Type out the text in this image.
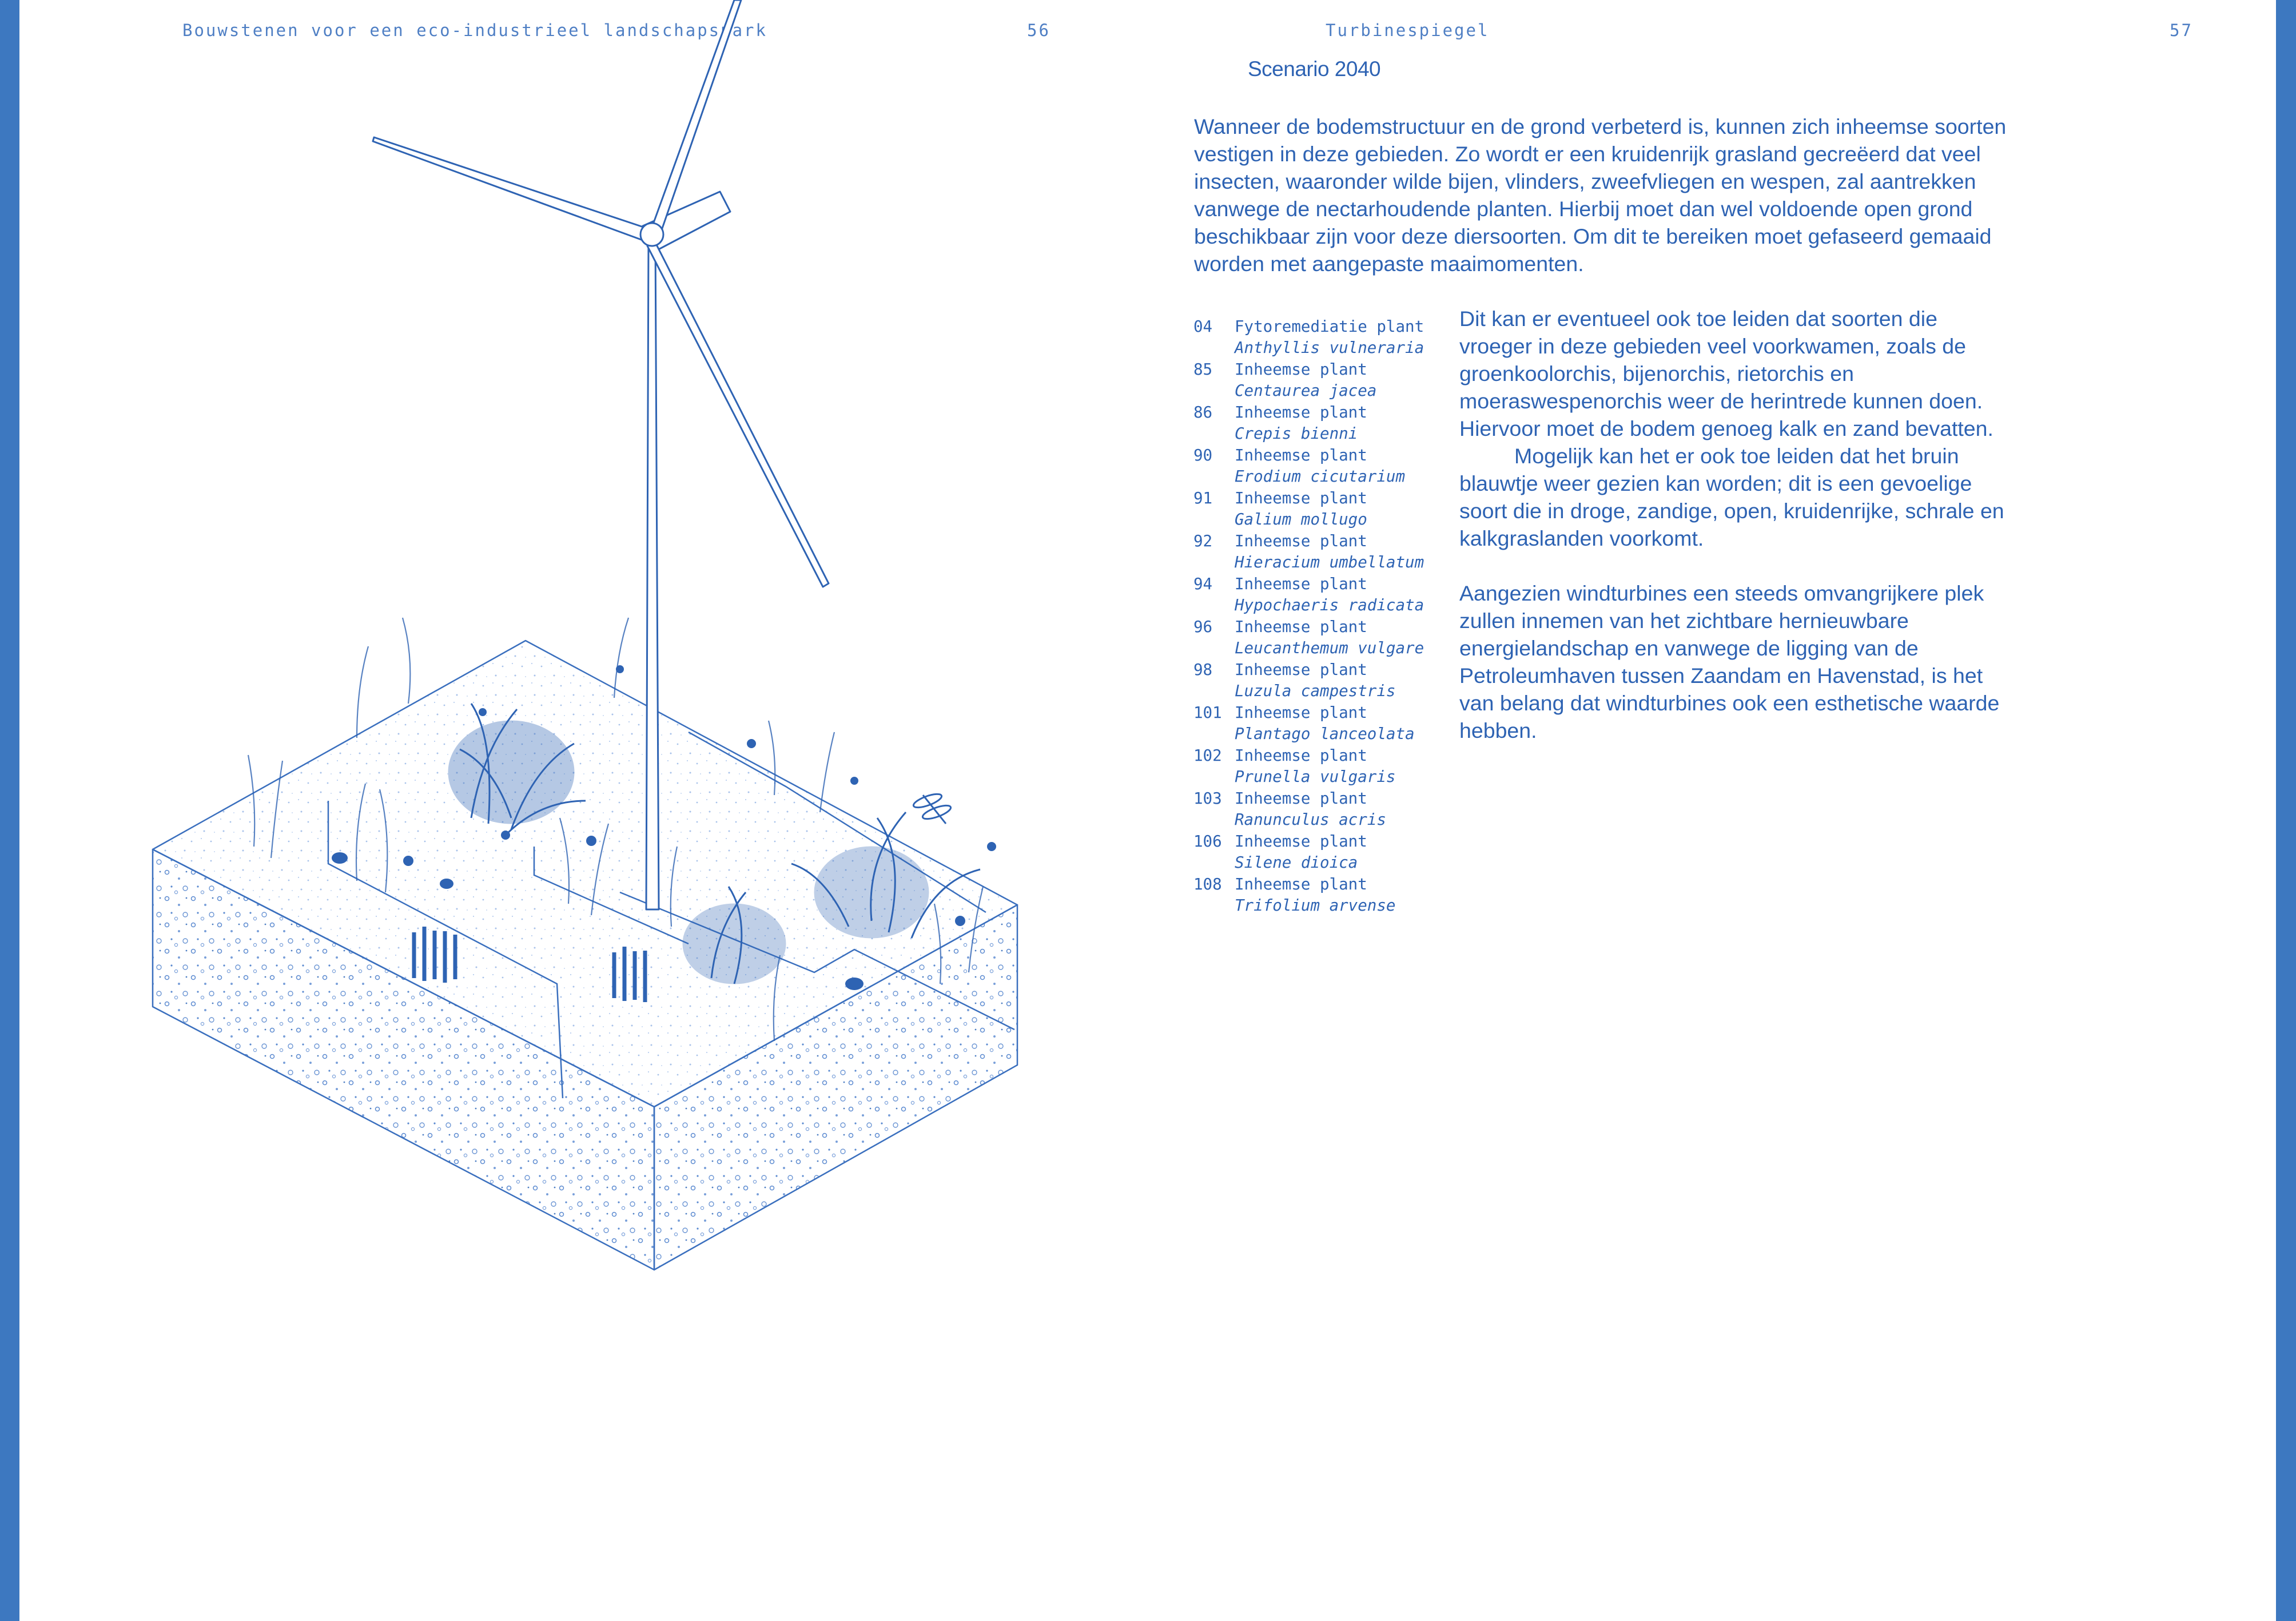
Bouwstenen voor een eco-industrieel landschapspark	56	Turbinespiegel	57
Scenario 2040

Wanneer de bodemstructuur en de grond verbeterd is, kunnen zich inheemse soorten vestigen in deze gebieden. Zo wordt er een kruidenrijk grasland gecreëerd dat veel insecten, waaronder wilde bijen, vlinders, zweefvliegen en wespen, zal aantrekken vanwege de nectarhoudende planten. Hierbij moet dan wel voldoende open grond beschikbaar zijn voor deze diersoorten. Om dit te bereiken moet gefaseerd gemaaid worden met aangepaste maaimomenten.

04	Fytoremediatie plant
Anthyllis vulneraria
85	Inheemse plant
Centaurea jacea
86	Inheemse plant
Crepis bienni
90	Inheemse plant
Erodium cicutarium
91	Inheemse plant
Galium mollugo
92	Inheemse plant
Hieracium umbellatum
94	Inheemse plant
Hypochaeris radicata
96	Inheemse plant
Leucanthemum vulgare
98	Inheemse plant
Luzula campestris
101 Inheemse plant
Plantago lanceolata
102 Inheemse plant
Prunella vulgaris
103 Inheemse plant
Ranunculus acris
106 Inheemse plant
Silene dioica
108 Inheemse plant
Trifolium arvense

Dit kan er eventueel ook toe leiden dat soorten die vroeger in deze gebieden veel voorkwamen, zoals de groenkoolorchis, bijenorchis, rietorchis en moeraswespenorchis weer de herintrede kunnen doen. Hiervoor moet de bodem genoeg kalk en zand bevatten.

Mogelijk kan het er ook toe leiden dat het bruin blauwtje weer gezien kan worden; dit is een gevoelige soort die in droge, zandige, open, kruidenrijke, schrale en kalkgraslanden voorkomt.

Aangezien windturbines een steeds omvangrijkere plek zullen innemen van het zichtbare hernieuwbare energielandschap en vanwege de ligging van de Petroleumhaven tussen Zaandam en Havenstad, is het van belang dat windturbines ook een esthetische waarde hebben.
